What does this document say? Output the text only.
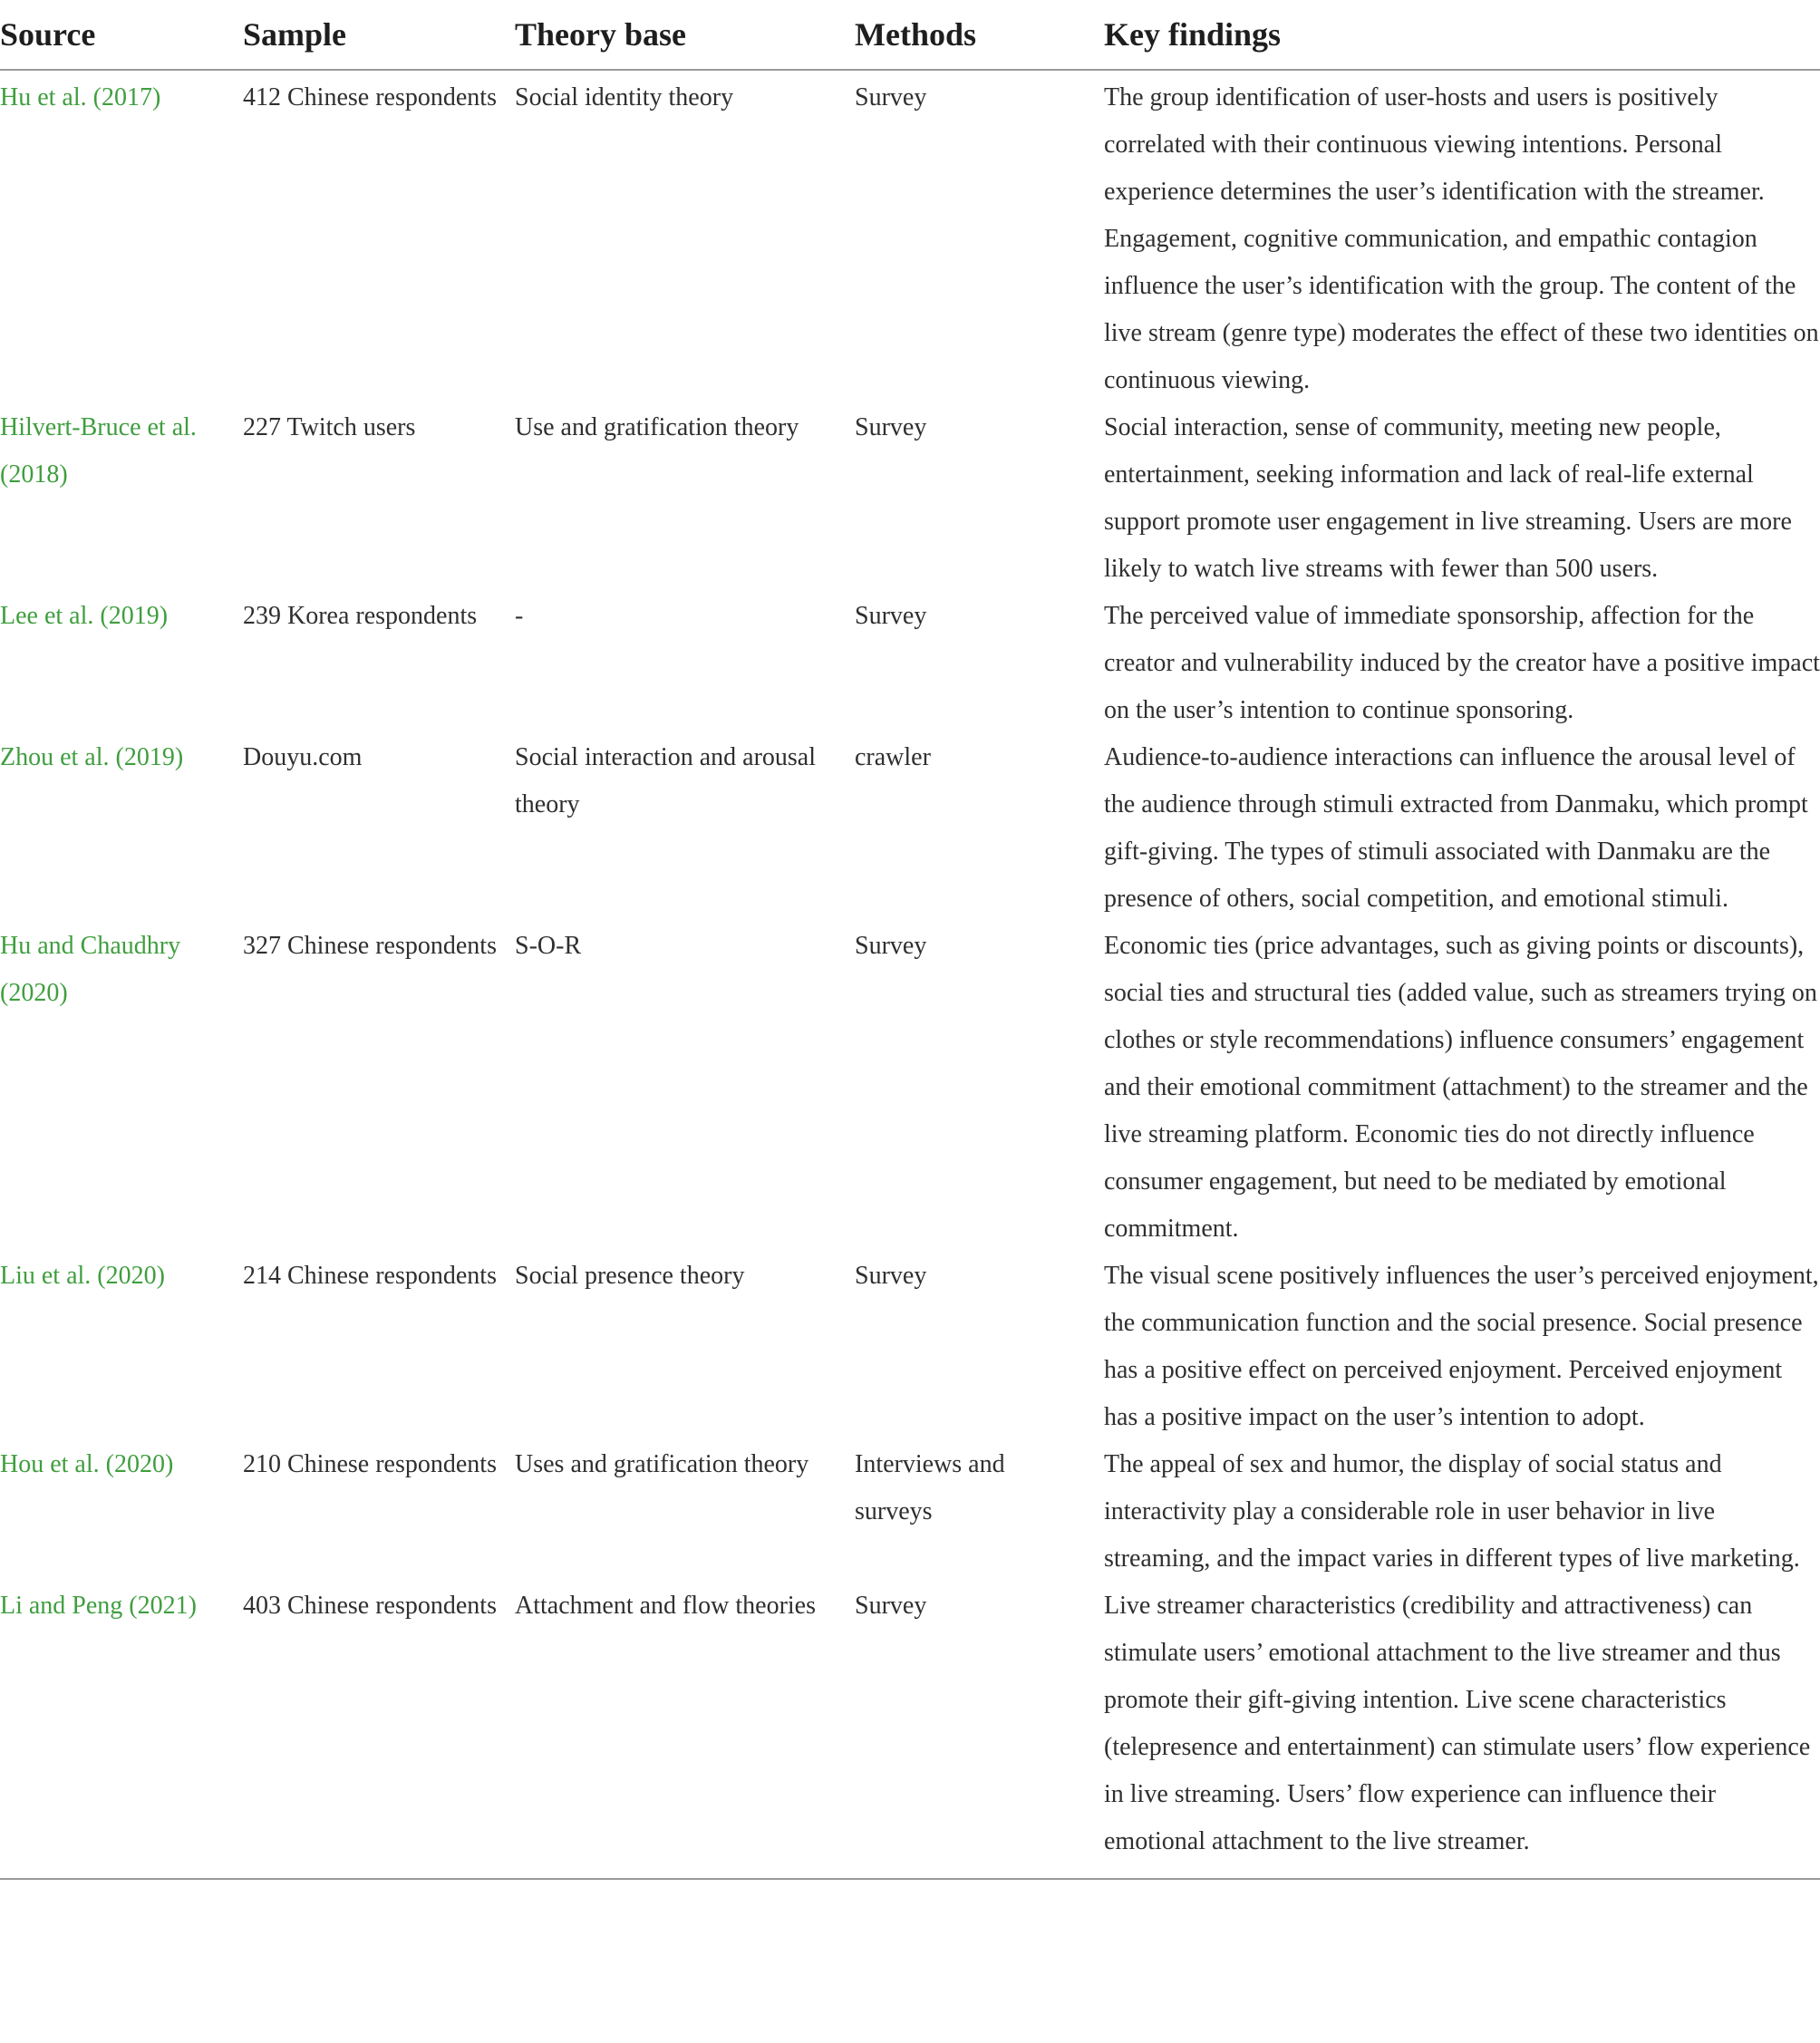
Source	Sample	Theory base	Methods	Key findings
Hu et al. (2017)	412 Chinese respondents	Social identity theory	Survey	The group identification of user-hosts and users is positively correlated with their continuous viewing intentions. Personal experience determines the user’s identification with the streamer. Engagement, cognitive communication, and empathic contagion influence the user’s identification with the group. The content of the live stream (genre type) moderates the effect of these two identities on continuous viewing.
Hilvert-Bruce et al. (2018)	227 Twitch users	Use and gratification theory	Survey	Social interaction, sense of community, meeting new people, entertainment, seeking information and lack of real-life external support promote user engagement in live streaming. Users are more likely to watch live streams with fewer than 500 users.
Lee et al. (2019)	239 Korea respondents	-	Survey	The perceived value of immediate sponsorship, affection for the creator and vulnerability induced by the creator have a positive impact on the user’s intention to continue sponsoring.
Zhou et al. (2019)	Douyu.com	Social interaction and arousal theory	crawler	Audience-to-audience interactions can influence the arousal level of the audience through stimuli extracted from Danmaku, which prompt gift-giving. The types of stimuli associated with Danmaku are the presence of others, social competition, and emotional stimuli.
Hu and Chaudhry (2020)	327 Chinese respondents	S-O-R	Survey	Economic ties (price advantages, such as giving points or discounts), social ties and structural ties (added value, such as streamers trying on clothes or style recommendations) influence consumers’ engagement and their emotional commitment (attachment) to the streamer and the live streaming platform. Economic ties do not directly influence consumer engagement, but need to be mediated by emotional commitment.
Liu et al. (2020)	214 Chinese respondents	Social presence theory	Survey	The visual scene positively influences the user’s perceived enjoyment, the communication function and the social presence. Social presence has a positive effect on perceived enjoyment. Perceived enjoyment has a positive impact on the user’s intention to adopt.
Hou et al. (2020)	210 Chinese respondents	Uses and gratification theory	Interviews and surveys	The appeal of sex and humor, the display of social status and interactivity play a considerable role in user behavior in live streaming, and the impact varies in different types of live marketing.
Li and Peng (2021)	403 Chinese respondents	Attachment and flow theories	Survey	Live streamer characteristics (credibility and attractiveness) can stimulate users’ emotional attachment to the live streamer and thus promote their gift-giving intention. Live scene characteristics (telepresence and entertainment) can stimulate users’ flow experience in live streaming. Users’ flow experience can influence their emotional attachment to the live streamer.
